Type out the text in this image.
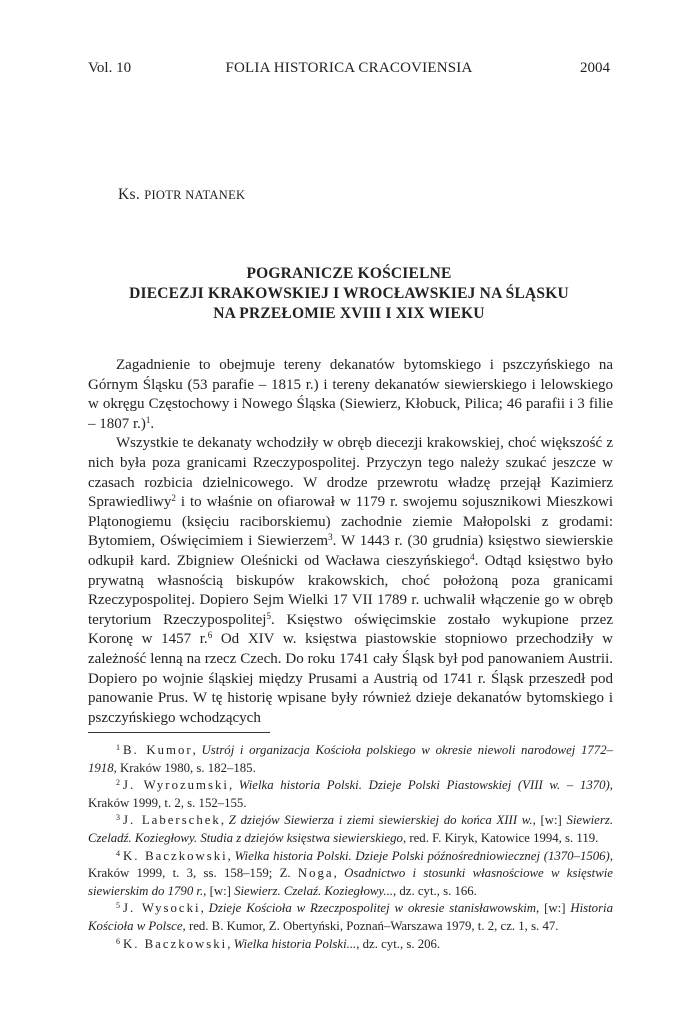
Vol. 10	FOLIA HISTORICA CRACOVIENSIA	2004
Ks. PIOTR NATANEK
POGRANICZE KOŚCIELNE
DIECEZJI KRAKOWSKIEJ I WROCŁAWSKIEJ NA ŚLĄSKU
NA PRZEŁOMIE XVIII I XIX WIEKU

Zagadnienie to obejmuje tereny dekanatów bytomskiego i pszczyńskiego na Górnym Śląsku (53 parafie – 1815 r.) i tereny dekanatów siewierskiego i lelowskiego w okręgu Częstochowy i Nowego Śląska (Siewierz, Kłobuck, Pilica; 46 parafii i 3 filie – 1807 r.)$^1$.

Wszystkie te dekanaty wchodziły w obręb diecezji krakowskiej, choć większość z nich była poza granicami Rzeczypospolitej. Przyczyn tego należy szukać jeszcze w czasach rozbicia dzielnicowego. W drodze przewrotu władzę przejął Kazimierz Sprawiedliwy$^2$ i to właśnie on ofiarował w 1179 r. swojemu sojusznikowi Mieszkowi Plątonogiemu (księciu raciborskiemu) zachodnie ziemie Małopolski z grodami: Bytomiem, Oświęcimiem i Siewierzem$^3$. W 1443 r. (30 grudnia) księstwo siewierskie odkupił kard. Zbigniew Oleśnicki od Wacława cieszyńskiego$^4$. Odtąd księstwo było prywatną własnością biskupów krakowskich, choć położoną poza granicami Rzeczypospolitej. Dopiero Sejm Wielki 17 VII 1789 r. uchwalił włączenie go w obręb terytorium Rzeczypospolitej$^5$. Księstwo oświęcimskie zostało wykupione przez Koronę w 1457 r.$^6$ Od XIV w. księstwa piastowskie stopniowo przechodziły w zależność lenną na rzecz Czech. Do roku 1741 cały Śląsk był pod panowaniem Austrii. Dopiero po wojnie śląskiej między Prusami a Austrią od 1741 r. Śląsk przeszedł pod panowanie Prus. W tę historię wpisane były również dzieje dekanatów bytomskiego i pszczyńskiego wchodzących

$^1$ B. Kumor, Ustrój i organizacja Kościoła polskiego w okresie niewoli narodowej 1772–1918, Kraków 1980, s. 182–185.

$^2$ J. Wyrozumski, Wielka historia Polski. Dzieje Polski Piastowskiej (VIII w. – 1370), Kraków 1999, t. 2, s. 152–155.

$^3$ J. Laberschek, Z dziejów Siewierza i ziemi siewierskiej do końca XIII w., [w:] Siewierz. Czeladź. Koziegłowy. Studia z dziejów księstwa siewierskiego, red. F. Kiryk, Katowice 1994, s. 119.

$^4$ K. Baczkowski, Wielka historia Polski. Dzieje Polski późnośredniowiecznej (1370–1506), Kraków 1999, t. 3, ss. 158–159; Z. Noga, Osadnictwo i stosunki własnościowe w księstwie siewierskim do 1790 r., [w:] Siewierz. Czelaź. Koziegłowy..., dz. cyt., s. 166.

$^5$ J. Wysocki, Dzieje Kościoła w Rzeczpospolitej w okresie stanisławowskim, [w:] Historia Kościoła w Polsce, red. B. Kumor, Z. Obertyński, Poznań–Warszawa 1979, t. 2, cz. 1, s. 47.

$^6$ K. Baczkowski, Wielka historia Polski..., dz. cyt., s. 206.
